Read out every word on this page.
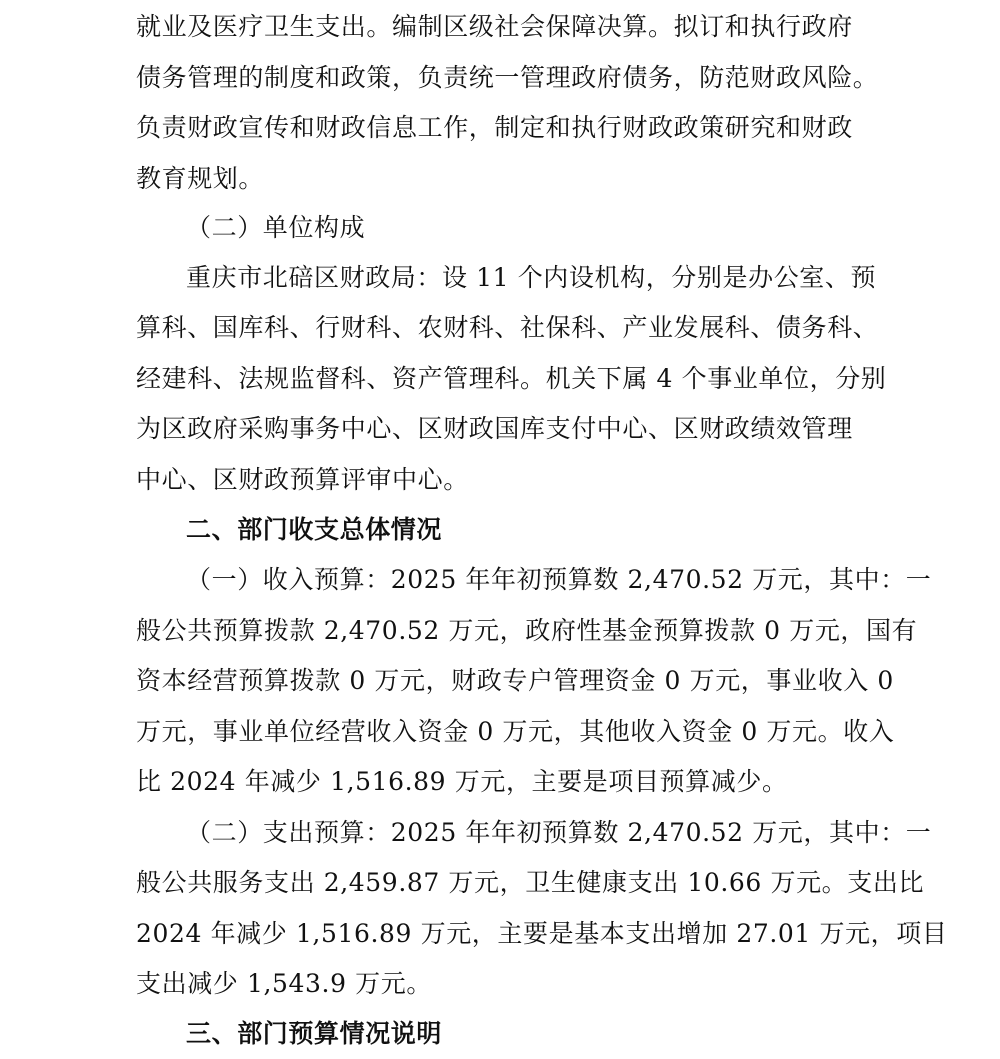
就业及医疗卫生支出。编制区级社会保障决算。拟订和执行政府
债务管理的制度和政策，负责统一管理政府债务，防范财政风险。
负责财政宣传和财政信息工作，制定和执行财政政策研究和财政
教育规划。
（二）单位构成
重庆市北碚区财政局：设 11 个内设机构，分别是办公室、预
算科、国库科、行财科、农财科、社保科、产业发展科、债务科、
经建科、法规监督科、资产管理科。机关下属 4 个事业单位，分别
为区政府采购事务中心、区财政国库支付中心、区财政绩效管理
中心、区财政预算评审中心。
二、部门收支总体情况
（一）收入预算：2025 年年初预算数 2,470.52 万元，其中：一
般公共预算拨款 2,470.52 万元，政府性基金预算拨款 0 万元，国有
资本经营预算拨款 0 万元，财政专户管理资金 0 万元，事业收入 0
万元，事业单位经营收入资金 0 万元，其他收入资金 0 万元。收入
比 2024 年减少 1,516.89 万元，主要是项目预算减少。
（二）支出预算：2025 年年初预算数 2,470.52 万元，其中：一
般公共服务支出 2,459.87 万元，卫生健康支出 10.66 万元。支出比
2024 年减少 1,516.89 万元，主要是基本支出增加 27.01 万元，项目
支出减少 1,543.9 万元。
三、部门预算情况说明
